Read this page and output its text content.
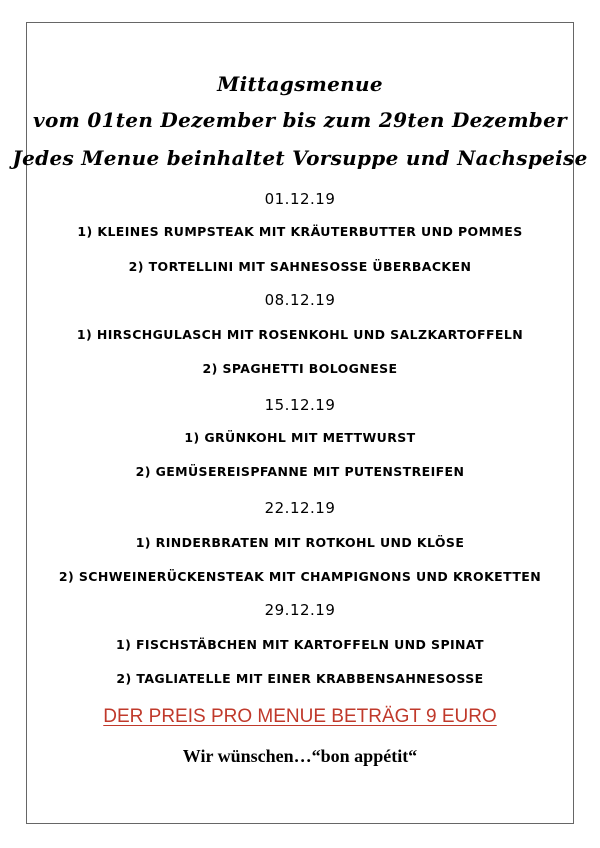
Mittagsmenue
vom 01ten Dezember bis zum 29ten Dezember
Jedes Menue beinhaltet Vorsuppe und Nachspeise
01.12.19
1) KLEINES RUMPSTEAK MIT KRÄUTERBUTTER UND POMMES
2) TORTELLINI MIT SAHNESOSSE ÜBERBACKEN
08.12.19
1) HIRSCHGULASCH MIT ROSENKOHL UND SALZKARTOFFELN
2) SPAGHETTI BOLOGNESE
15.12.19
1) GRÜNKOHL MIT METTWURST
2) GEMÜSEREISPFANNE MIT PUTENSTREIFEN
22.12.19
1) RINDERBRATEN MIT ROTKOHL UND KLÖSE
2) SCHWEINERÜCKENSTEAK MIT CHAMPIGNONS UND KROKETTEN
29.12.19
1) FISCHSTÄBCHEN MIT KARTOFFELN UND SPINAT
2) TAGLIATELLE MIT EINER KRABBENSAHNESOSSE
DER PREIS PRO MENUE BETRÄGT 9 EURO
Wir wünschen…“bon appétit“
